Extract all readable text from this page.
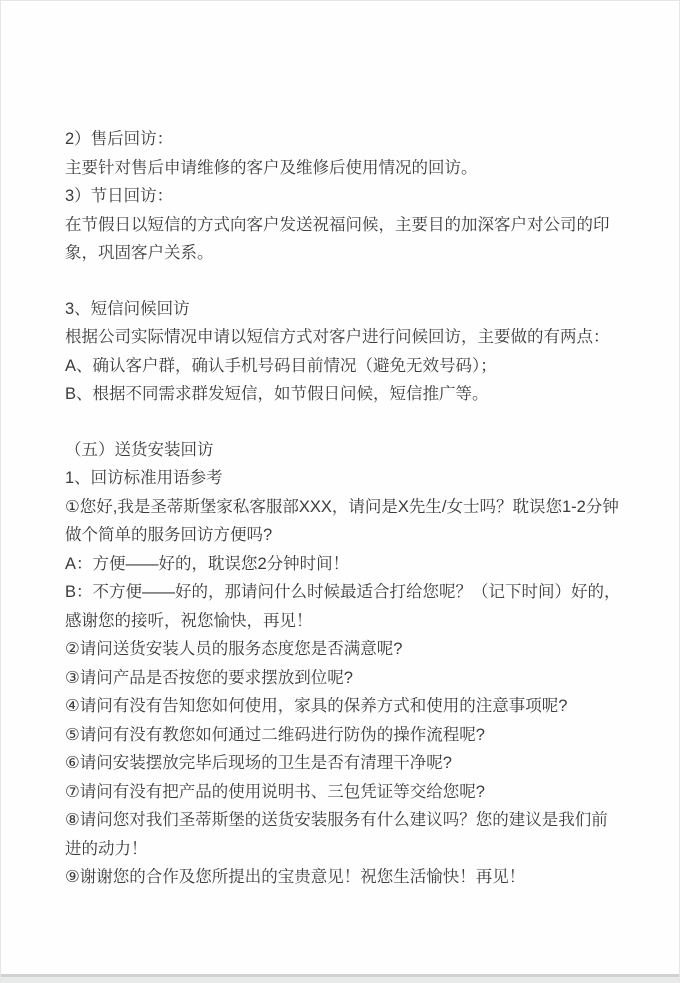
2）售后回访：

主要针对售后申请维修的客户及维修后使用情况的回访。

3）节日回访：

在节假日以短信的方式向客户发送祝福问候，主要目的加深客户对公司的印象，巩固客户关系。

3、短信问候回访

根据公司实际情况申请以短信方式对客户进行问候回访，主要做的有两点：

A、确认客户群，确认手机号码目前情况（避免无效号码）；

B、根据不同需求群发短信，如节假日问候，短信推广等。

（五）送货安装回访

1、回访标准用语参考

①您好,我是圣蒂斯堡家私客服部XXX，请问是X先生/女士吗？耽误您1-2分钟做个简单的服务回访方便吗?

A：方便——好的，耽误您2分钟时间！

B：不方便——好的，那请问什么时候最适合打给您呢？（记下时间）好的，感谢您的接听，祝您愉快，再见！

②请问送货安装人员的服务态度您是否满意呢?

③请问产品是否按您的要求摆放到位呢?

④请问有没有告知您如何使用，家具的保养方式和使用的注意事项呢?

⑤请问有没有教您如何通过二维码进行防伪的操作流程呢?

⑥请问安装摆放完毕后现场的卫生是否有清理干净呢?

⑦请问有没有把产品的使用说明书、三包凭证等交给您呢?

⑧请问您对我们圣蒂斯堡的送货安装服务有什么建议吗？您的建议是我们前进的动力！

⑨谢谢您的合作及您所提出的宝贵意见！祝您生活愉快！再见！
